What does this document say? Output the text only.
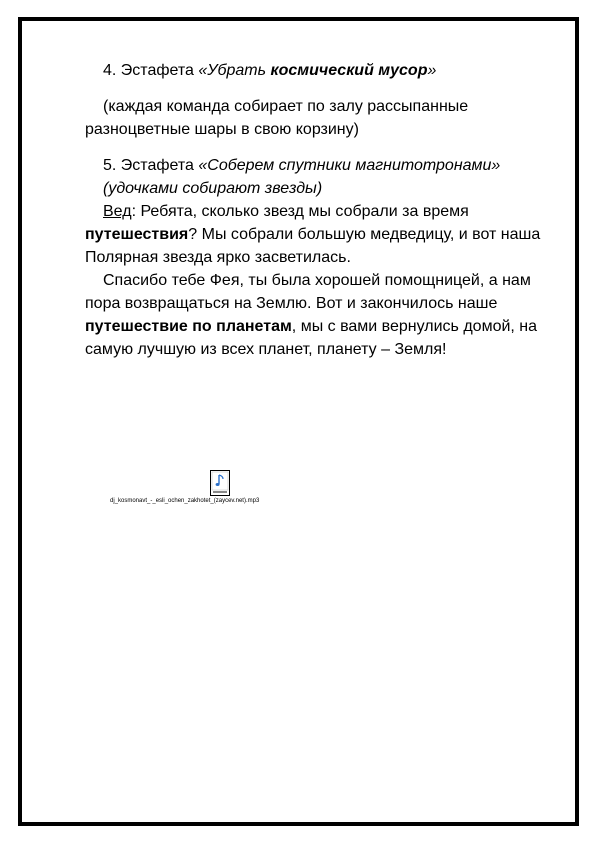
4. Эстафета «Убрать космический мусор»

(каждая команда собирает по залу рассыпанные разноцветные шары в свою корзину)

5. Эстафета «Соберем спутники магнитотронами»

(удочками собирают звезды)

Вед: Ребята, сколько звезд мы собрали за время путешествия? Мы собрали большую медведицу, и вот наша Полярная звезда ярко засветилась.

Спасибо тебе Фея, ты была хорошей помощницей, а нам пора возвращаться на Землю. Вот и закончилось наше путешествие по планетам, мы с вами вернулись домой, на самую лучшую из всех планет, планету – Земля!

dj_kosmonavt_-_esli_ochen_zakhotet_(zaycev.net).mp3
